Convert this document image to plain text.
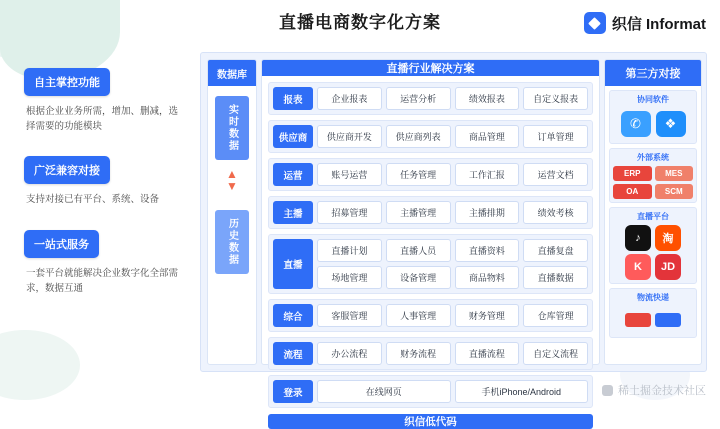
直播电商数字化方案	织信 Informat
自主掌控功能

根据企业业务所需，增加、删减，选择需要的功能模块

广泛兼容对接

支持对接已有平台、系统、设备

一站式服务

一套平台就能解决企业数字化全部需求，数据互通

数据库
实时数据
▲
▼
历史数据
直播行业解决方案
报表	企业报表	运营分析	绩效报表	自定义报表
供应商	供应商开发	供应商列表	商品管理	订单管理
运营	账号运营	任务管理	工作汇报	运营文档
主播	招募管理	主播管理	主播排期	绩效考核
直播
直播计划	直播人员	直播资料	直播复盘
场地管理	设备管理	商品物料	直播数据
综合	客服管理	人事管理	财务管理	仓库管理
流程	办公流程	财务流程	直播流程	自定义流程
登录	在线网页	手机iPhone/Android
织信低代码
第三方对接
协同软件
✆	❖
外部系统
ERP	MES
OA	SCM
直播平台
♪	淘
K	JD
物流快递
稀土掘金技术社区
